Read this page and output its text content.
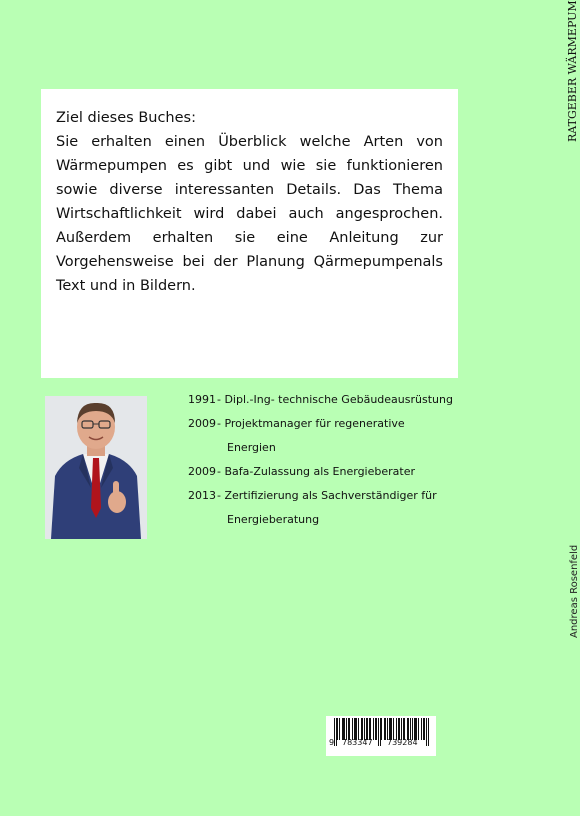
Ziel dieses Buches:

Sie erhalten einen Überblick welche Arten von Wärmepumpen es gibt und wie sie funktionieren sowie diverse interessanten Details. Das Thema Wirtschaftlichkeit wird dabei auch angesprochen. Außerdem erhalten sie eine Anleitung zur Vorgehensweise bei der Planung Qärmepumpenals Text und in Bildern.

1991 - Dipl.-Ing- technische Gebäudeausrüstung
2009 - Projektmanager für regenerative
Energien
2009 - Bafa-Zulassung als Energieberater
2013 - Zertifizierung als Sachverständiger für
Energieberatung
RATGEBER WÄRMEPUM
Andreas Rosenfeld
9 783347 739284
